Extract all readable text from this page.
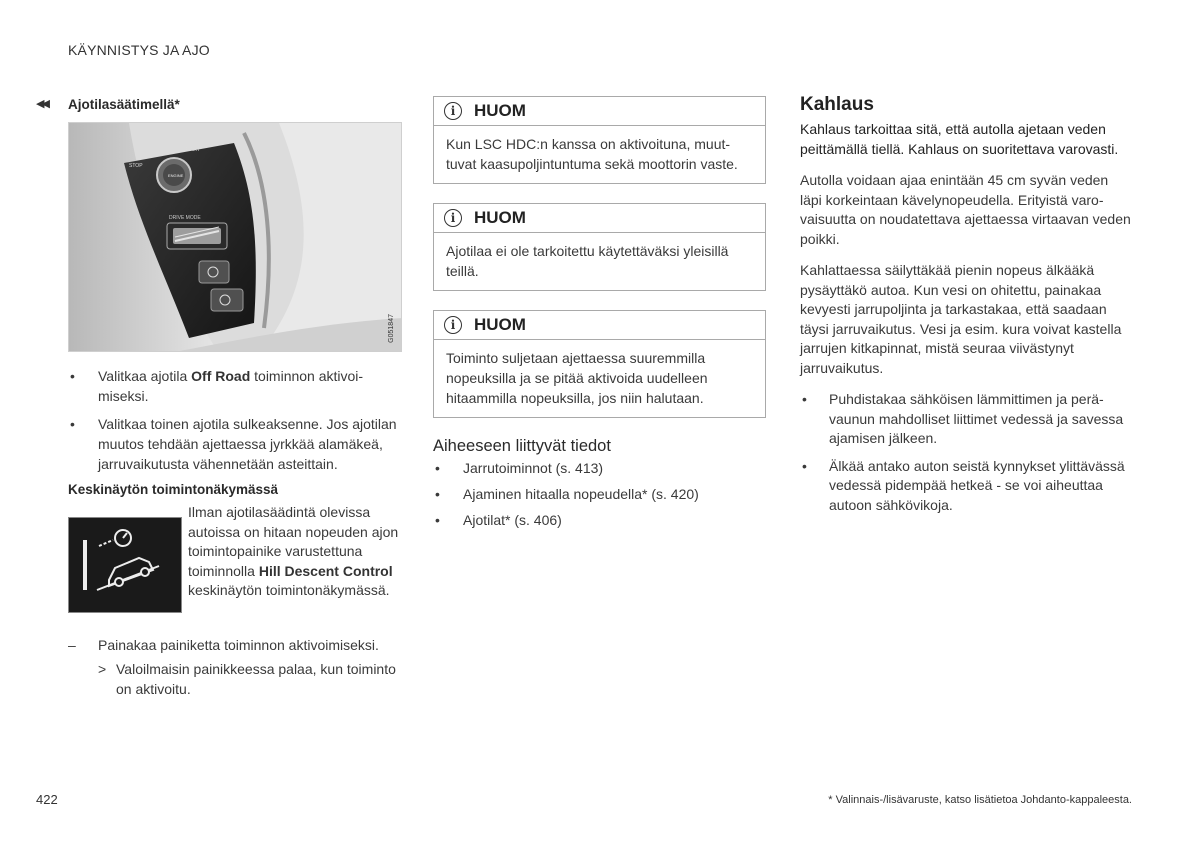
KÄYNNISTYS JA AJO
◀◀ Ajotilasäätimellä*
STOP
START
ENGINE
DRIVE MODE
G051847
• Valitkaa ajotila Off Road toiminnon aktivoimiseksi.
• Valitkaa toinen ajotila sulkeaksenne. Jos ajotilan muutos tehdään ajettaessa jyrkkää alamäkeä, jarruvaikutusta vähennetään asteittain.
Keskinäytön toimintonäkymässä
Ilman ajotilasäädintä olevissa autoissa on hitaan nopeuden ajon toimintopainike varustettuna toiminnolla Hill Descent Control keskinäytön toimintonäkymässä.
– Painakaa painiketta toiminnon aktivoimiseksi.
> Valoilmaisin painikkeessa palaa, kun toiminto on aktivoitu.
i	HUOM
Kun LSC HDC:n kanssa on aktivoituna, muuttuvat kaasupoljintuntuma sekä moottorin vaste.
i	HUOM
Ajotilaa ei ole tarkoitettu käytettäväksi yleisillä teillä.
i	HUOM
Toiminto suljetaan ajettaessa suuremmilla nopeuksilla ja se pitää aktivoida uudelleen hitaammilla nopeuksilla, jos niin halutaan.
Aiheeseen liittyvät tiedot
• Jarrutoiminnot (s. 413)
• Ajaminen hitaalla nopeudella* (s. 420)
• Ajotilat* (s. 406)
Kahlaus
Kahlaus tarkoittaa sitä, että autolla ajetaan veden peittämällä tiellä. Kahlaus on suoritettava varovasti.
Autolla voidaan ajaa enintään 45 cm syvän veden läpi korkeintaan kävelynopeudella. Erityistä varovaisuutta on noudatettava ajettaessa virtaavan veden poikki.
Kahlattaessa säilyttäkää pienin nopeus älkääkä pysäyttäkö autoa. Kun vesi on ohitettu, painakaa kevyesti jarrupoljinta ja tarkastakaa, että saadaan täysi jarruvaikutus. Vesi ja esim. kura voivat kastella jarrujen kitkapinnat, mistä seuraa viivästynyt jarruvaikutus.
• Puhdistakaa sähköisen lämmittimen ja perävaunun mahdolliset liittimet vedessä ja savessa ajamisen jälkeen.
• Älkää antako auton seistä kynnykset ylittävässä vedessä pidempää hetkeä - se voi aiheuttaa autoon sähkövikoja.
422	* Valinnais-/lisävaruste, katso lisätietoa Johdanto-kappaleesta.
